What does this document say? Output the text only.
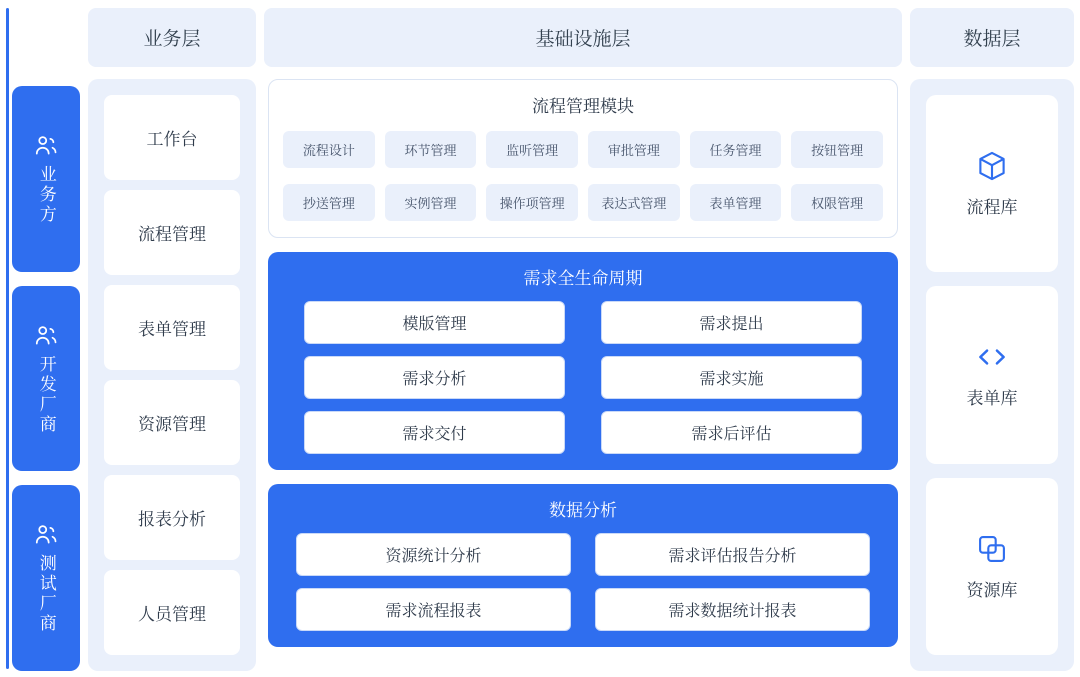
业务方
开发厂商
测试厂商
业务层
工作台
流程管理
表单管理
资源管理
报表分析
人员管理
基础设施层
流程管理模块
流程设计	环节管理	监听管理	审批管理	任务管理	按钮管理
抄送管理	实例管理	操作项管理	表达式管理	表单管理	权限管理
需求全生命周期
模版管理	需求提出
需求分析	需求实施
需求交付	需求后评估
数据分析
资源统计分析	需求评估报告分析
需求流程报表	需求数据统计报表
数据层
流程库
表单库
资源库
